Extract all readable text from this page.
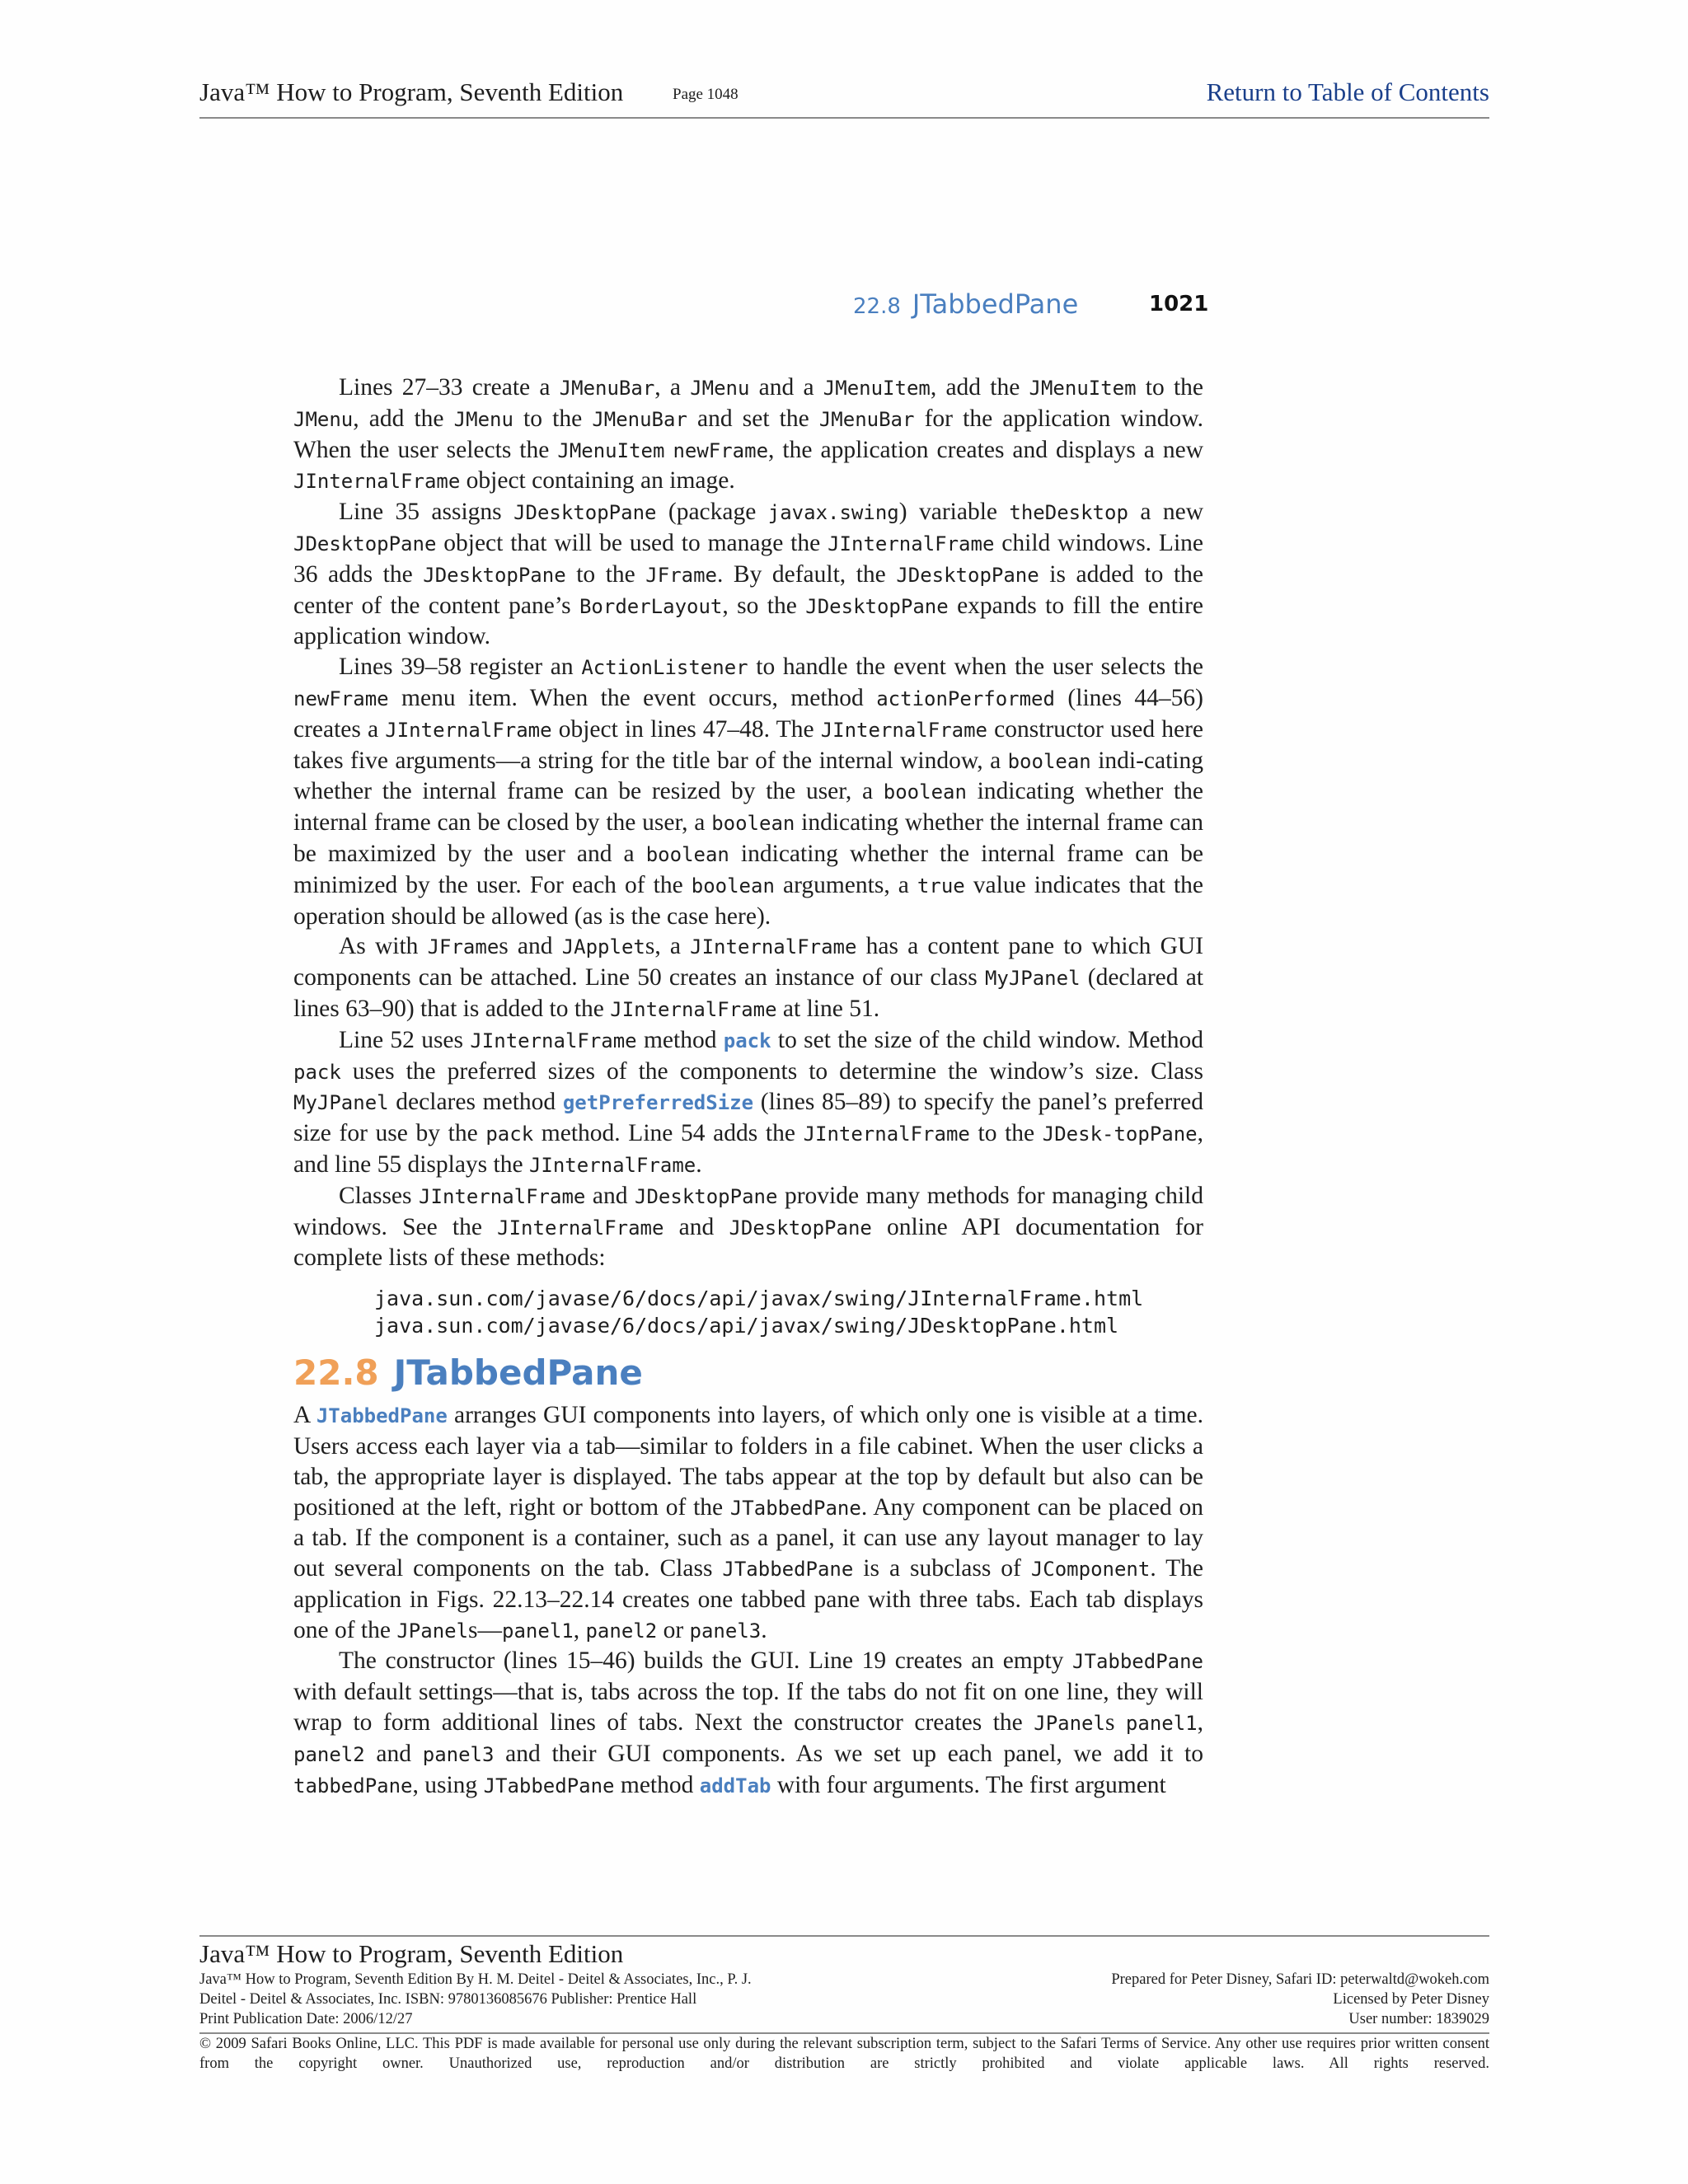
Java™ How to Program, Seventh Edition	Page 1048	Return to Table of Contents
22.8 JTabbedPane	1021

Lines 27–33 create a JMenuBar, a JMenu and a JMenuItem, add the JMenuItem to the JMenu, add the JMenu to the JMenuBar and set the JMenuBar for the application window. When the user selects the JMenuItem newFrame, the application creates and displays a new JInternalFrame object containing an image.

Line 35 assigns JDesktopPane (package javax.swing) variable theDesktop a new JDesktopPane object that will be used to manage the JInternalFrame child windows. Line 36 adds the JDesktopPane to the JFrame. By default, the JDesktopPane is added to the center of the content pane’s BorderLayout, so the JDesktopPane expands to fill the entire application window.

Lines 39–58 register an ActionListener to handle the event when the user selects the newFrame menu item. When the event occurs, method actionPerformed (lines 44–56) creates a JInternalFrame object in lines 47–48. The JInternalFrame constructor used here takes five arguments—a string for the title bar of the internal window, a boolean indi-cating whether the internal frame can be resized by the user, a boolean indicating whether the internal frame can be closed by the user, a boolean indicating whether the internal frame can be maximized by the user and a boolean indicating whether the internal frame can be minimized by the user. For each of the boolean arguments, a true value indicates that the operation should be allowed (as is the case here).

As with JFrames and JApplets, a JInternalFrame has a content pane to which GUI components can be attached. Line 50 creates an instance of our class MyJPanel (declared at lines 63–90) that is added to the JInternalFrame at line 51.

Line 52 uses JInternalFrame method pack to set the size of the child window. Method pack uses the preferred sizes of the components to determine the window’s size. Class MyJPanel declares method getPreferredSize (lines 85–89) to specify the panel’s preferred size for use by the pack method. Line 54 adds the JInternalFrame to the JDesk-topPane, and line 55 displays the JInternalFrame.

Classes JInternalFrame and JDesktopPane provide many methods for managing child windows. See the JInternalFrame and JDesktopPane online API documentation for complete lists of these methods:

java.sun.com/javase/6/docs/api/javax/swing/JInternalFrame.html
java.sun.com/javase/6/docs/api/javax/swing/JDesktopPane.html
22.8 JTabbedPane

A JTabbedPane arranges GUI components into layers, of which only one is visible at a time. Users access each layer via a tab—similar to folders in a file cabinet. When the user clicks a tab, the appropriate layer is displayed. The tabs appear at the top by default but also can be positioned at the left, right or bottom of the JTabbedPane. Any component can be placed on a tab. If the component is a container, such as a panel, it can use any layout manager to lay out several components on the tab. Class JTabbedPane is a subclass of JComponent. The application in Figs. 22.13–22.14 creates one tabbed pane with three tabs. Each tab displays one of the JPanels—panel1, panel2 or panel3.

The constructor (lines 15–46) builds the GUI. Line 19 creates an empty JTabbedPane with default settings—that is, tabs across the top. If the tabs do not fit on one line, they will wrap to form additional lines of tabs. Next the constructor creates the JPanels panel1, panel2 and panel3 and their GUI components. As we set up each panel, we add it to tabbedPane, using JTabbedPane method addTab with four arguments. The first argument

Java™ How to Program, Seventh Edition
Java™ How to Program, Seventh Edition By H. M. Deitel - Deitel & Associates, Inc., P. J.
Deitel - Deitel & Associates, Inc. ISBN: 9780136085676 Publisher: Prentice Hall
Print Publication Date: 2006/12/27
Prepared for Peter Disney, Safari ID: peterwaltd@wokeh.com
Licensed by Peter Disney
User number: 1839029
© 2009 Safari Books Online, LLC. This PDF is made available for personal use only during the relevant subscription term, subject to the Safari Terms of Service. Any other use requires prior written consent from the copyright owner. Unauthorized use, reproduction and/or distribution are strictly prohibited and violate applicable laws. All rights reserved.
